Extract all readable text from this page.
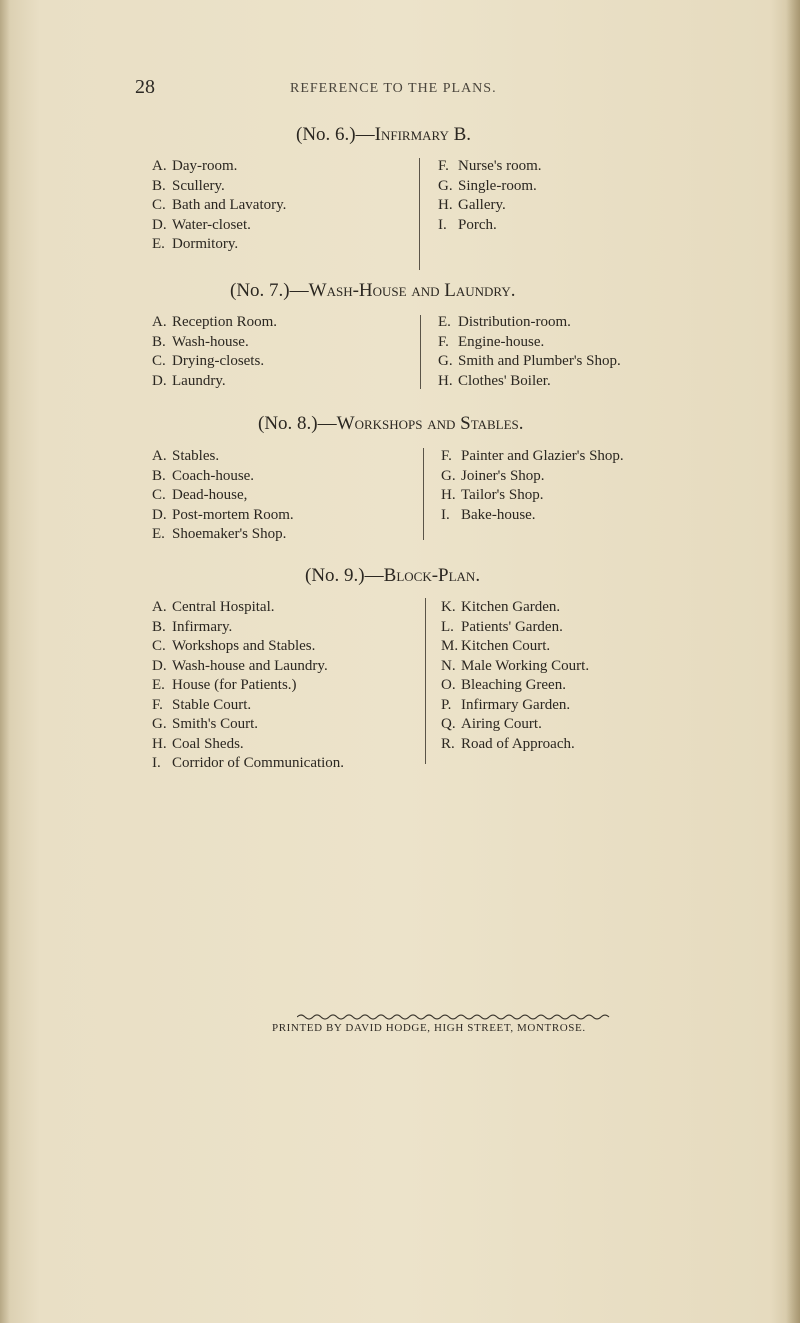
28	REFERENCE TO THE PLANS.
(No. 6.)—Infirmary B.
A. Day-room.
B. Scullery.
C. Bath and Lavatory.
D. Water-closet.
E. Dormitory.
F. Nurse's room.
G. Single-room.
H. Gallery.
I. Porch.
(No. 7.)—Wash-House and Laundry.
A. Reception Room.
B. Wash-house.
C. Drying-closets.
D. Laundry.
E. Distribution-room.
F. Engine-house.
G. Smith and Plumber's Shop.
H. Clothes' Boiler.
(No. 8.)—Workshops and Stables.
A. Stables.
B. Coach-house.
C. Dead-house,
D. Post-mortem Room.
E. Shoemaker's Shop.
F. Painter and Glazier's Shop.
G. Joiner's Shop.
H. Tailor's Shop.
I. Bake-house.
(No. 9.)—Block-Plan.
A. Central Hospital.
B. Infirmary.
C. Workshops and Stables.
D. Wash-house and Laundry.
E. House (for Patients.)
F. Stable Court.
G. Smith's Court.
H. Coal Sheds.
I. Corridor of Communication.
K. Kitchen Garden.
L. Patients' Garden.
M. Kitchen Court.
N. Male Working Court.
O. Bleaching Green.
P. Infirmary Garden.
Q. Airing Court.
R. Road of Approach.
PRINTED BY DAVID HODGE, HIGH STREET, MONTROSE.
